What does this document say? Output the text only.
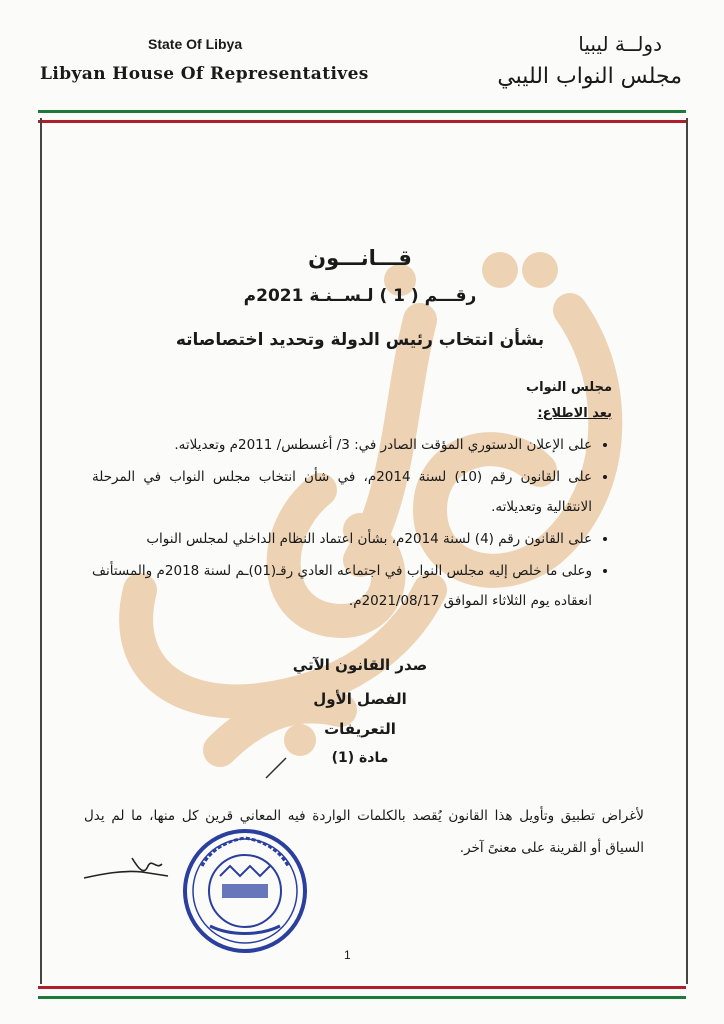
State Of Libya
Libyan House Of Representatives
دولــة ليبيا
مجلس النواب الليبي
قـــانـــون
رقـــم ( 1 ) لـســنـة 2021م
بشأن انتخاب رئيس الدولة وتحديد اختصاصاته
مجلس النواب
بعد الاطلاع:
• على الإعلان الدستوري المؤقت الصادر في: 3/ أغسطس/ 2011م وتعديلاته.
• على القانون رقم (10) لسنة 2014م، في شأن انتخاب مجلس النواب في المرحلة الانتقالية وتعديلاته.
• على القانون رقم (4) لسنة 2014م، بشأن اعتماد النظام الداخلي لمجلس النواب
• وعلى ما خلص إليه مجلس النواب في اجتماعه العادي رقـ(01)ـم لسنة 2018م والمستأنف انعقاده يوم الثلاثاء الموافق 2021/08/17م.
صدر القانون الآتي
الفصل الأول
التعريفات
مادة (1)
لأغراض تطبيق وتأويل هذا القانون يُقصد بالكلمات الواردة فيه المعاني قرين كل منها، ما لم يدل السياق أو القرينة على معنىً آخر.
1
